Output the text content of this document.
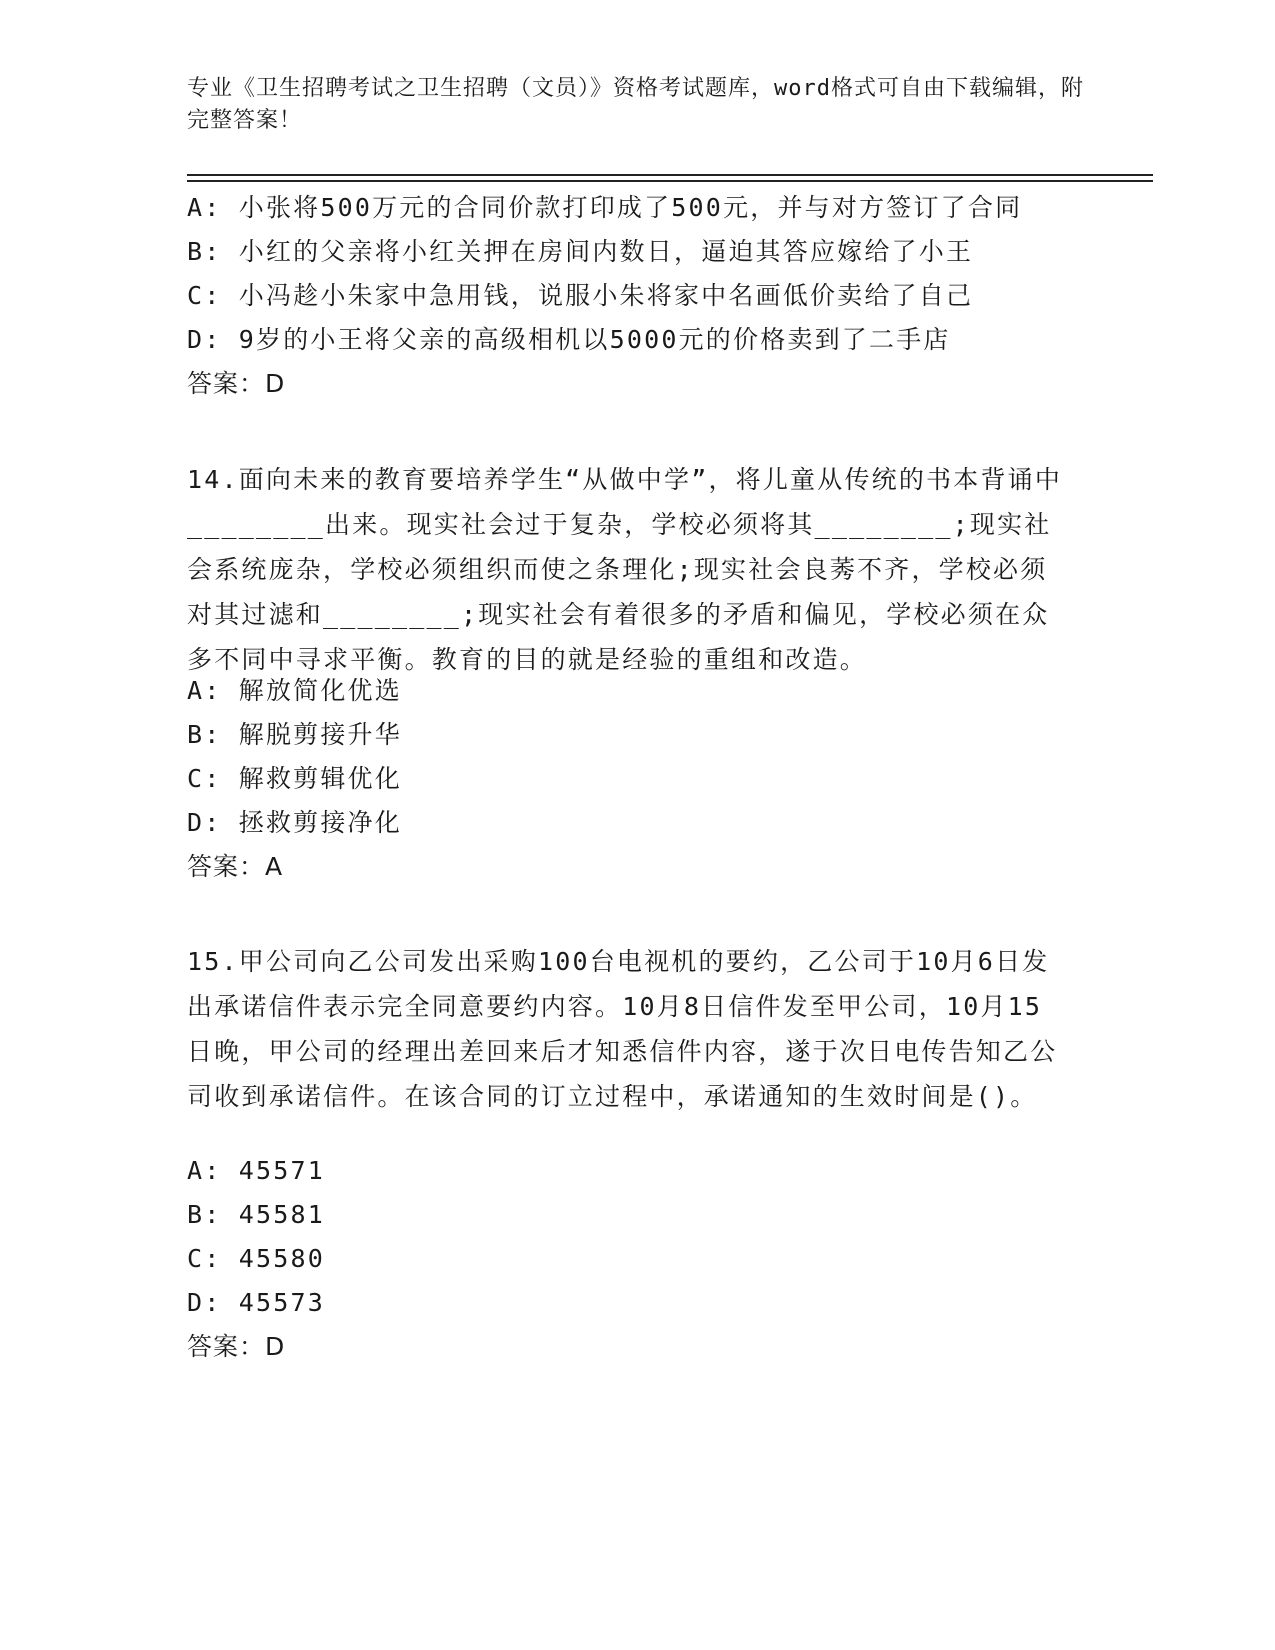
专业《卫生招聘考试之卫生招聘（文员）》资格考试题库，word格式可自由下载编辑，附完整答案！
A: 小张将500万元的合同价款打印成了500元，并与对方签订了合同
B: 小红的父亲将小红关押在房间内数日，逼迫其答应嫁给了小王
C: 小冯趁小朱家中急用钱，说服小朱将家中名画低价卖给了自己
D: 9岁的小王将父亲的高级相机以5000元的价格卖到了二手店
答案：D
14.面向未来的教育要培养学生“从做中学”，将儿童从传统的书本背诵中________出来。现实社会过于复杂，学校必须将其________;现实社会系统庞杂，学校必须组织而使之条理化;现实社会良莠不齐，学校必须对其过滤和________;现实社会有着很多的矛盾和偏见，学校必须在众多不同中寻求平衡。教育的目的就是经验的重组和改造。
A: 解放简化优选
B: 解脱剪接升华
C: 解救剪辑优化
D: 拯救剪接净化
答案：A
15.甲公司向乙公司发出采购100台电视机的要约，乙公司于10月6日发出承诺信件表示完全同意要约内容。10月8日信件发至甲公司，10月15日晚，甲公司的经理出差回来后才知悉信件内容，遂于次日电传告知乙公司收到承诺信件。在该合同的订立过程中，承诺通知的生效时间是()。
A: 45571
B: 45581
C: 45580
D: 45573
答案：D
